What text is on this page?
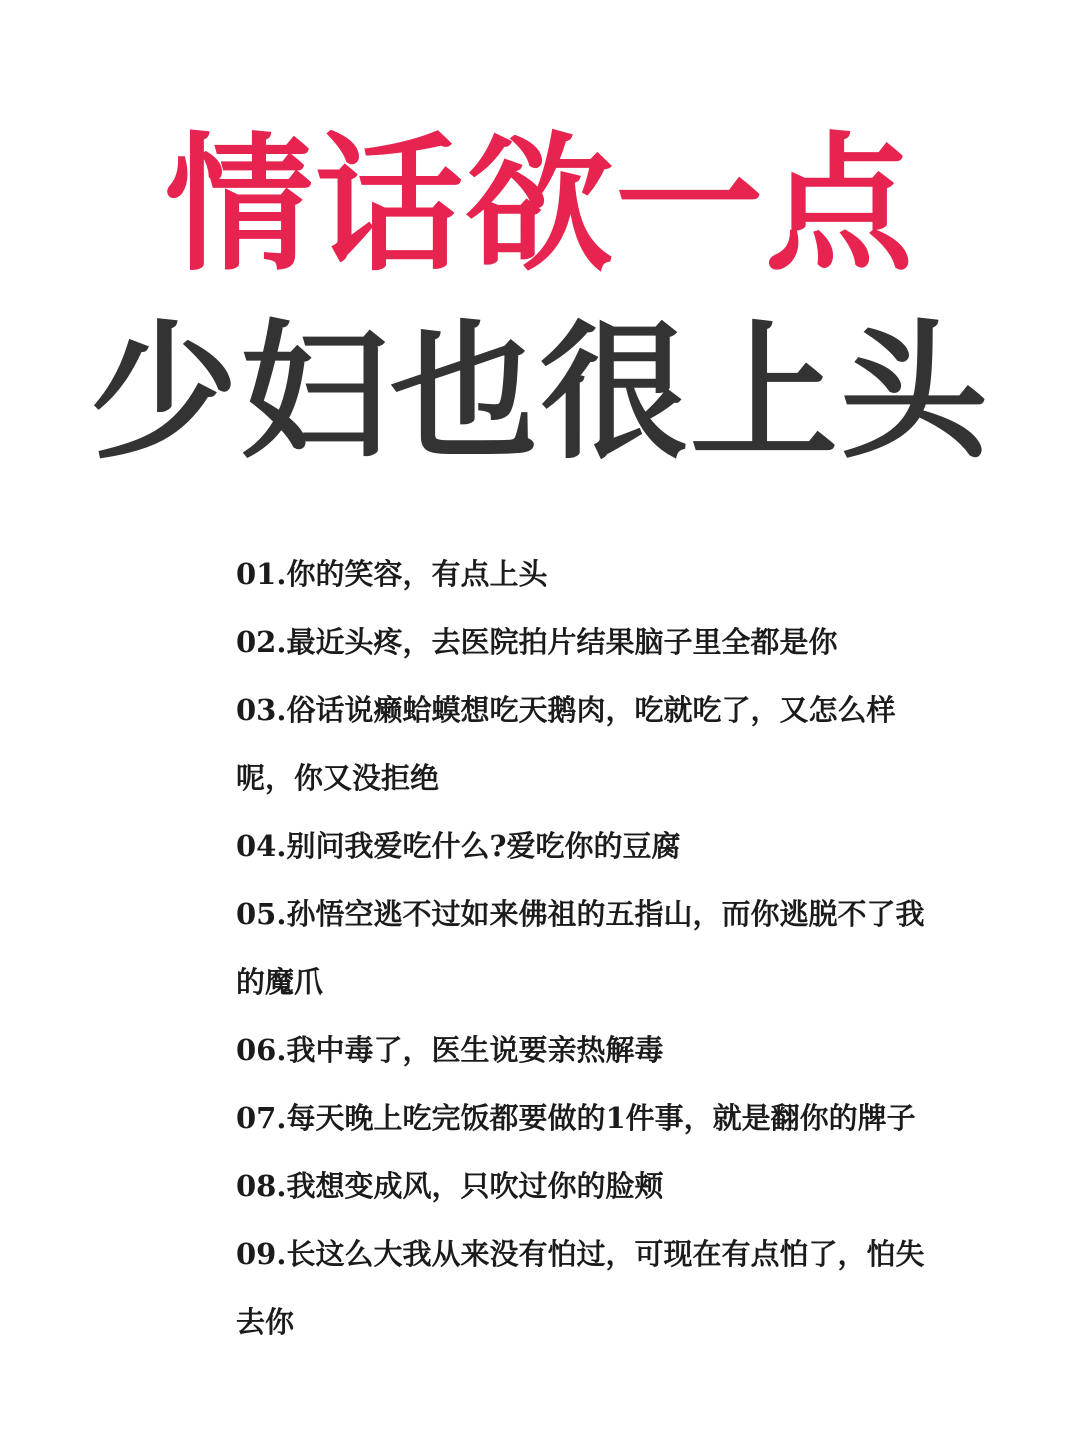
情话欲一点
少妇也很上头
01.你的笑容，有点上头
02.最近头疼，去医院拍片结果脑子里全都是你
03.俗话说癞蛤蟆想吃天鹅肉，吃就吃了，又怎么样
呢，你又没拒绝
04.别问我爱吃什么?爱吃你的豆腐
05.孙悟空逃不过如来佛祖的五指山，而你逃脱不了我
的魔爪
06.我中毒了，医生说要亲热解毒
07.每天晚上吃完饭都要做的1件事，就是翻你的牌子
08.我想变成风，只吹过你的脸颊
09.长这么大我从来没有怕过，可现在有点怕了，怕失
去你
